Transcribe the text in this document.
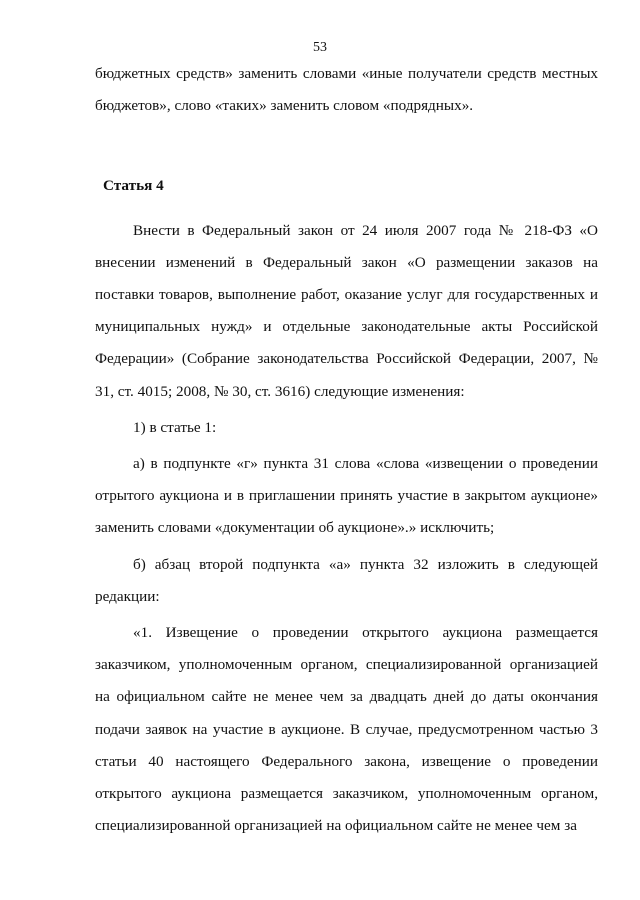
53

бюджетных средств» заменить словами «иные получатели средств местных бюджетов», слово «таких» заменить словом «подрядных».

Статья 4

Внести в Федеральный закон от 24 июля 2007 года № 218-ФЗ «О внесении изменений в Федеральный закон «О размещении заказов на поставки товаров, выполнение работ, оказание услуг для государственных и муниципальных нужд» и отдельные законодательные акты Российской Федерации» (Собрание законодательства Российской Федерации, 2007, № 31, ст. 4015; 2008, № 30, ст. 3616) следующие изменения:

1) в статье 1:

а) в подпункте «г» пункта 31 слова «слова «извещении о проведении отрытого аукциона и в приглашении принять участие в закрытом аукционе» заменить словами «документации об аукционе».» исключить;

б) абзац второй подпункта «а» пункта 32 изложить в следующей редакции:

«1. Извещение о проведении открытого аукциона размещается заказчиком, уполномоченным органом, специализированной организацией на официальном сайте не менее чем за двадцать дней до даты окончания подачи заявок на участие в аукционе. В случае, предусмотренном частью 3 статьи 40 настоящего Федерального закона, извещение о проведении открытого аукциона размещается заказчиком, уполномоченным органом, специализированной организацией на официальном сайте не менее чем за
